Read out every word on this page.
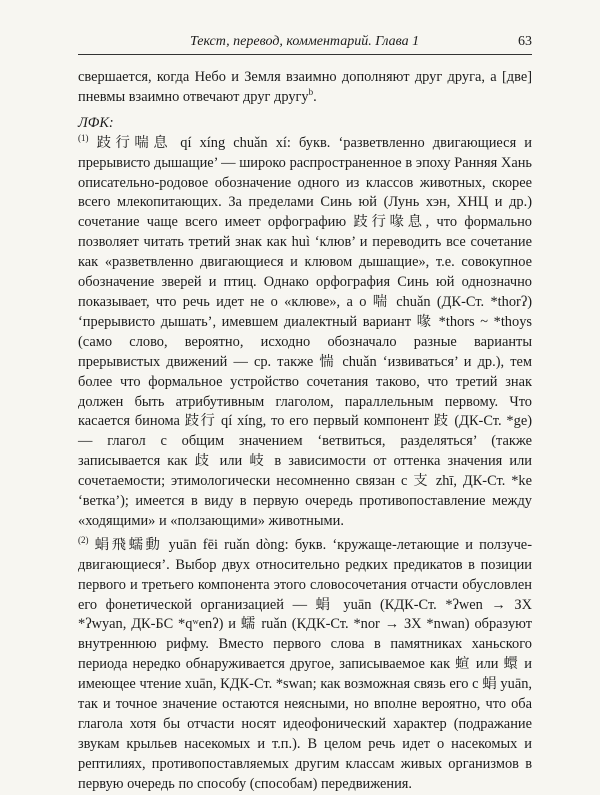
Текст, перевод, комментарий. Глава 1	63

свершается, когда Небо и Земля взаимно дополняют друг друга, а [две] пневмы взаимно отвечают друг другу$^b$.

ЛФК:

$^{(1)}$ 跂行喘息 qí xíng chuǎn xí: букв. ‘разветвленно двигающиеся и прерывисто дышащие’ — широко распространенное в эпоху Ранняя Хань описательно-родовое обозначение одного из классов животных, скорее всего млекопитающих. За пределами Синь юй (Лунь хэн, ХНЦ и др.) сочетание чаще всего имеет орфографию 跂行喙息, что формально позволяет читать третий знак как huì ‘клюв’ и переводить все сочетание как «разветвленно двигающиеся и клювом дышащие», т.е. совокупное обозначение зверей и птиц. Однако орфография Синь юй однозначно показывает, что речь идет не о «клюве», а о 喘 chuǎn (ДК-Ст. *thorʔ) ‘прерывисто дышать’, имевшем диалектный вариант 喙 *thors ~ *thoys (само слово, вероятно, исходно обозначало разные варианты прерывистых движений — ср. также 惴 chuǎn ‘извиваться’ и др.), тем более что формальное устройство сочетания таково, что третий знак должен быть атрибутивным глаголом, параллельным первому. Что касается бинома 跂行 qí xíng, то его первый компонент 跂 (ДК-Ст. *ge) — глагол с общим значением ‘ветвиться, разделяться’ (также записывается как 歧 или 岐 в зависимости от оттенка значения или сочетаемости; этимологически несомненно связан с 支 zhī, ДК-Ст. *ke ‘ветка’); имеется в виду в первую очередь противопоставление между «ходящими» и «ползающими» животными.

$^{(2)}$ 蜎飛蠕動 yuān fēi ruǎn dòng: букв. ‘кружаще-летающие и ползуче-двигающиеся’. Выбор двух относительно редких предикатов в позиции первого и третьего компонента этого словосочетания отчасти обусловлен его фонетической организацией — 蜎 yuān (КДК-Ст. *ʔwen → ЗХ *ʔwyan, ДК-БС *qʷenʔ) и 蠕 ruǎn (КДК-Ст. *nor → ЗХ *nwan) образуют внутреннюю рифму. Вместо первого слова в памятниках ханьского периода нередко обнаруживается другое, записываемое как 蝖 или 蠉 и имеющее чтение xuān, КДК-Ст. *swan; как возможная связь его с 蜎 yuān, так и точное значение остаются неясными, но вполне вероятно, что оба глагола хотя бы отчасти носят идеофонический характер (подражание звукам крыльев насекомых и т.п.). В целом речь идет о насекомых и рептилиях, противопоставляемых другим классам живых организмов в первую очередь по способу (способам) передвижения.
